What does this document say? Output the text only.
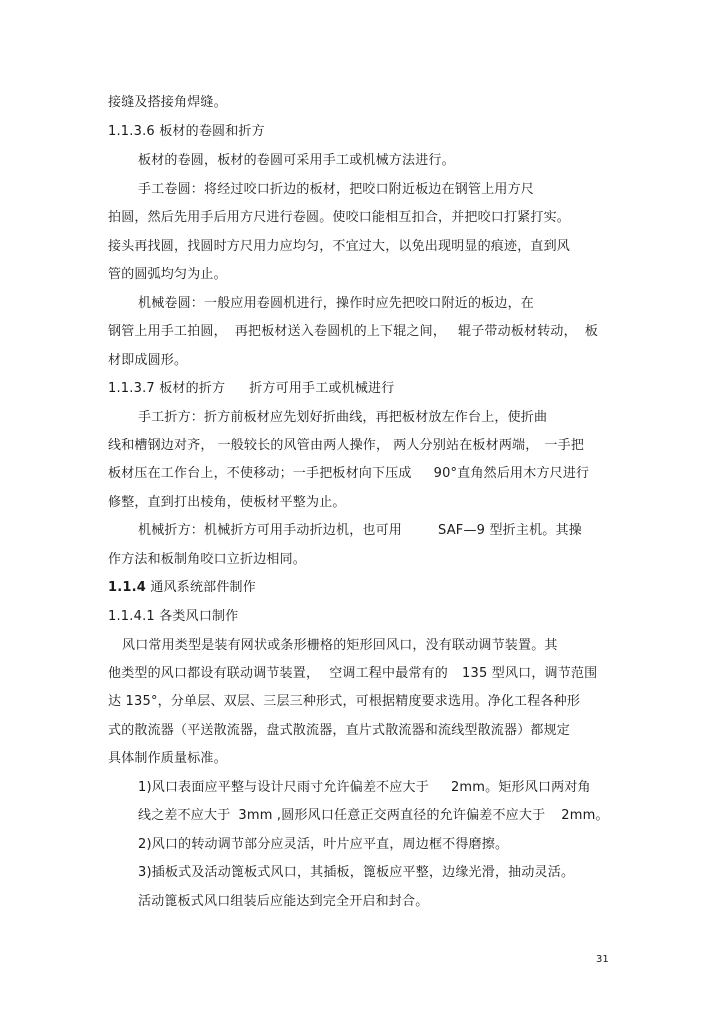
接缝及搭接角焊缝。
1.1.3.6 板材的卷圆和折方
板材的卷圆，板材的卷圆可采用手工或机械方法进行。
手工卷圆：将经过咬口折边的板材，把咬口附近板边在钢管上用方尺
拍圆，然后先用手后用方尺进行卷圆。使咬口能相互扣合，并把咬口打紧打实。
接头再找圆，找圆时方尺用力应均匀，不宜过大，以免出现明显的痕迹，直到风
管的圆弧均匀为止。
机械卷圆：一般应用卷圆机进行，操作时应先把咬口附近的板边，在
钢管上用手工拍圆， 再把板材送入卷圆机的上下辊之间， 辊子带动板材转动， 板
材即成圆形。
1.1.3.7 板材的折方 折方可用手工或机械进行
手工折方：折方前板材应先划好折曲线，再把板材放左作台上，使折曲
线和槽钢边对齐， 一般较长的风管由两人操作， 两人分别站在板材两端， 一手把
板材压在工作台上，不使移动；一手把板材向下压成 90°直角然后用木方尺进行
修整，直到打出棱角，使板材平整为止。
机械折方：机械折方可用手动折边机，也可用	SAF—9 型折主机。其操
作方法和板制角咬口立折边相同。
1.1.4 通风系统部件制作
1.1.4.1 各类风口制作
风口常用类型是装有网状或条形栅格的矩形回风口，没有联动调节装置。其
他类型的风口都设有联动调节装置， 空调工程中最常有的 135 型风口，调节范围
达 135°，分单层、双层、三层三种形式，可根据精度要求选用。净化工程各种形
式的散流器（平送散流器，盘式散流器，直片式散流器和流线型散流器）都规定
具体制作质量标准。
1)风口表面应平整与设计尺雨寸允许偏差不应大于 2mm。矩形风口两对角
线之差不应大于 3mm ,圆形风口任意正交两直径的允许偏差不应大于 2mm。
2)风口的转动调节部分应灵活，叶片应平直，周边框不得磨擦。
3)插板式及活动篦板式风口，其插板，篦板应平整，边缘光滑，抽动灵活。
活动篦板式风口组装后应能达到完全开启和封合。
31
